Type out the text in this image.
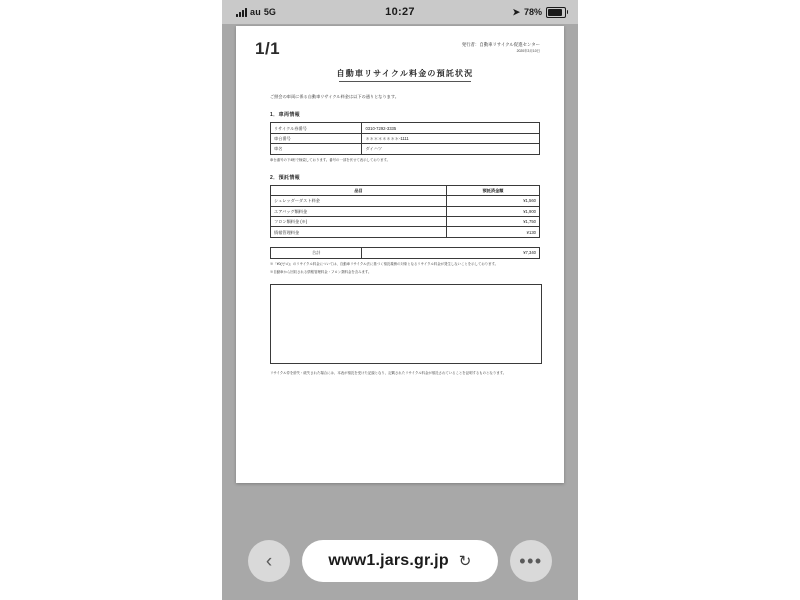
au 5G	10:27	➤ 78%
1/1	発行者：自動車リサイクル促進センター
2020年3月10日
自動車リサイクル料金の預託状況
ご照会の車両に係る自動車リサイクル料金は以下の通りとなります。
1．車両情報
リサイクル券番号	0310-7292-3335
車台番号	＊＊＊＊＊＊＊＊-1111
車名	ダイハツ
車台番号の下4桁で検索しております。番号の一部を伏せて表示しております。
2．預託情報
品目	預託済金額
シュレッダーダスト料金	¥1,560
エアバッグ類料金	¥1,900
フロン類料金 (※)	¥1,750
情報管理料金	¥130
合計	¥7,340
※「¥0(ゼロ)」のリサイクル料金については、自動車リサイクル法に基づく預託義務の対象となるリサイクル料金が発生しないことを示しております。
※自動車から回収される情報管理料金・フロン類料金を含みます。
リサイクル券を紛失・破失された場合には、本表が預託を受けた記録となり、記載されたリサイクル料金が預託されていることを証明するものとなります。
‹	www1.jars.gr.jp ↻	•••
